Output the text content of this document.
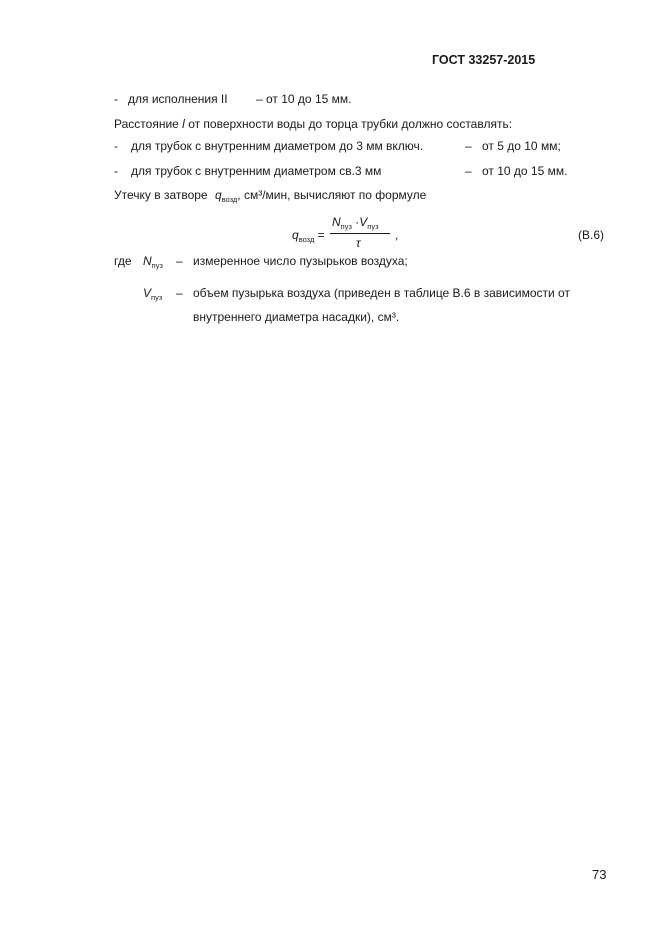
ГОСТ 33257-2015
- для исполнения II – от 10 до 15 мм.
Расстояние l от поверхности воды до торца трубки должно составлять:
- для трубок с внутренним диаметром до 3 мм включ.	– от 5 до 10 мм;
- для трубок с внутренним диаметром св.3 мм	– от 10 до 15 мм.
Утечку в затворе $q_{возд}$, см³/мин, вычисляют по формуле
$q_{возд}$ =
$N_{пуз} \cdot V_{пуз}$
τ
,	(В.6)
где $N_{пуз}$ – измеренное число пузырьков воздуха;
$V_{пуз}$ – объем пузырька воздуха (приведен в таблице В.6 в зависимости от
внутреннего диаметра насадки), см³.
73
